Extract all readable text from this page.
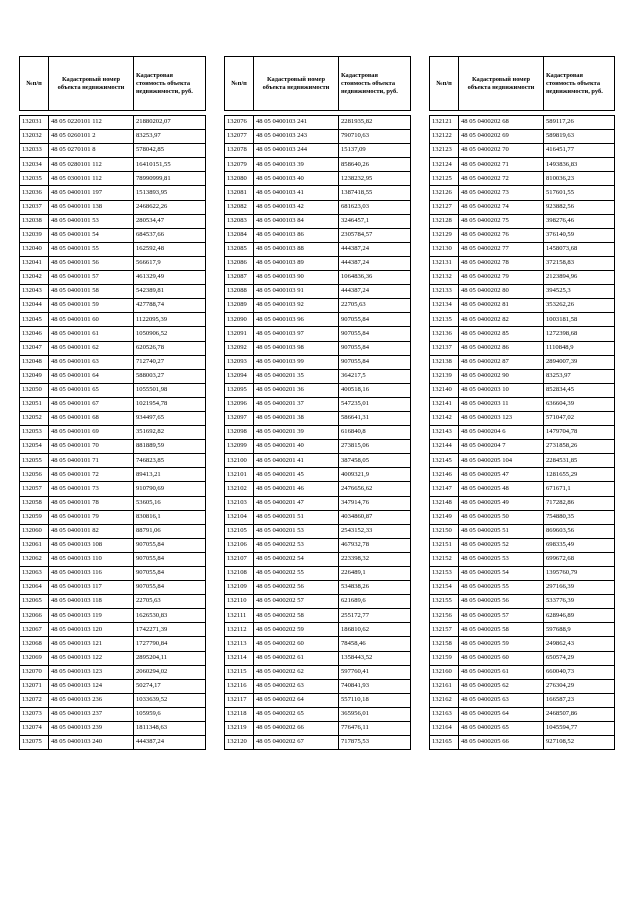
№п/п	Кадастровый номер объекта недвижимости	Кадастровая стоимость объекта недвижимости, руб.

132031	48 05 0220101 112	21880202,07
132032	48 05 0260101 2	83253,97
132033	48 05 0270101 8	578042,85
132034	48 05 0280101 112	16410151,55
132035	48 05 0300101 112	78990999,81
132036	48 05 0400101 197	1513893,95
132037	48 05 0400101 138	2468622,26
132038	48 05 0400101 53	280534,47
132039	48 05 0400101 54	684537,66
132040	48 05 0400101 55	162592,48
132041	48 05 0400101 56	566617,9
132042	48 05 0400101 57	461329,49
132043	48 05 0400101 58	542389,81
132044	48 05 0400101 59	427788,74
132045	48 05 0400101 60	1122095,39
132046	48 05 0400101 61	1050906,52
132047	48 05 0400101 62	620526,78
132048	48 05 0400101 63	712740,27
132049	48 05 0400101 64	588003,27
132050	48 05 0400101 65	1055501,98
132051	48 05 0400101 67	1021954,78
132052	48 05 0400101 68	934497,65
132053	48 05 0400101 69	351692,82
132054	48 05 0400101 70	881889,59
132055	48 05 0400101 71	746823,85
132056	48 05 0400101 72	89413,21
132057	48 05 0400101 73	910790,69
132058	48 05 0400101 78	53605,16
132059	48 05 0400101 79	830816,1
132060	48 05 0400101 82	88791,06
132061	48 05 0400103 108	907055,84
132062	48 05 0400103 110	907055,84
132063	48 05 0400103 116	907055,84
132064	48 05 0400103 117	907055,84
132065	48 05 0400103 118	22705,63
132066	48 05 0400103 119	1626530,83
132067	48 05 0400103 120	1742271,39
132068	48 05 0400103 121	1727790,84
132069	48 05 0400103 122	2895204,11
132070	48 05 0400103 123	2060294,02
132071	48 05 0400103 124	50274,17
132072	48 05 0400103 236	1033639,52
132073	48 05 0400103 237	105959,6
132074	48 05 0400103 239	1811348,63
132075	48 05 0400103 240	444387,24
№п/п	Кадастровый номер объекта недвижимости	Кадастровая стоимость объекта недвижимости, руб.

132076	48 05 0400103 241	2281935,82
132077	48 05 0400103 243	790710,63
132078	48 05 0400103 244	15137,09
132079	48 05 0400103 39	858640,26
132080	48 05 0400103 40	1238232,95
132081	48 05 0400103 41	1387418,55
132082	48 05 0400103 42	681623,03
132083	48 05 0400103 84	3246457,1
132084	48 05 0400103 86	2305784,57
132085	48 05 0400103 88	444387,24
132086	48 05 0400103 89	444387,24
132087	48 05 0400103 90	1064836,36
132088	48 05 0400103 91	444387,24
132089	48 05 0400103 92	22705,63
132090	48 05 0400103 96	907055,84
132091	48 05 0400103 97	907055,84
132092	48 05 0400103 98	907055,84
132093	48 05 0400103 99	907055,84
132094	48 05 0400201 35	364217,5
132095	48 05 0400201 36	400518,16
132096	48 05 0400201 37	547235,01
132097	48 05 0400201 38	586641,31
132098	48 05 0400201 39	616840,8
132099	48 05 0400201 40	273815,06
132100	48 05 0400201 41	387458,05
132101	48 05 0400201 45	4009321,9
132102	48 05 0400201 46	2476656,62
132103	48 05 0400201 47	347914,76
132104	48 05 0400201 51	4034860,87
132105	48 05 0400201 53	2543152,33
132106	48 05 0400202 53	467932,78
132107	48 05 0400202 54	223398,32
132108	48 05 0400202 55	226489,1
132109	48 05 0400202 56	534838,26
132110	48 05 0400202 57	621689,6
132111	48 05 0400202 58	255172,77
132112	48 05 0400202 59	186810,62
132113	48 05 0400202 60	78458,46
132114	48 05 0400202 61	1358443,52
132115	48 05 0400202 62	597760,41
132116	48 05 0400202 63	740841,93
132117	48 05 0400202 64	557110,18
132118	48 05 0400202 65	365956,01
132119	48 05 0400202 66	776476,11
132120	48 05 0400202 67	717875,53
№п/п	Кадастровый номер объекта недвижимости	Кадастровая стоимость объекта недвижимости, руб.

132121	48 05 0400202 68	589117,26
132122	48 05 0400202 69	589819,63
132123	48 05 0400202 70	416451,77
132124	48 05 0400202 71	1493836,83
132125	48 05 0400202 72	810036,23
132126	48 05 0400202 73	517601,55
132127	48 05 0400202 74	923882,56
132128	48 05 0400202 75	398276,46
132129	48 05 0400202 76	376140,59
132130	48 05 0400202 77	1458073,68
132131	48 05 0400202 78	372158,83
132132	48 05 0400202 79	2123894,96
132133	48 05 0400202 80	394525,3
132134	48 05 0400202 81	353262,26
132135	48 05 0400202 82	1003181,58
132136	48 05 0400202 85	1272398,68
132137	48 05 0400202 86	1110848,9
132138	48 05 0400202 87	2894007,39
132139	48 05 0400202 90	83253,97
132140	48 05 0400203 10	852834,45
132141	48 05 0400203 11	636604,39
132142	48 05 0400203 123	571047,02
132143	48 05 0400204 6	1479704,78
132144	48 05 0400204 7	2731858,26
132145	48 05 0400205 104	2284531,85
132146	48 05 0400205 47	1281655,29
132147	48 05 0400205 48	671671,1
132148	48 05 0400205 49	717282,86
132149	48 05 0400205 50	754880,35
132150	48 05 0400205 51	869603,56
132151	48 05 0400205 52	698335,49
132152	48 05 0400205 53	699672,68
132153	48 05 0400205 54	1395760,79
132154	48 05 0400205 55	297166,39
132155	48 05 0400205 56	533776,39
132156	48 05 0400205 57	628946,89
132157	48 05 0400205 58	597688,9
132158	48 05 0400205 59	249862,43
132159	48 05 0400205 60	650574,29
132160	48 05 0400205 61	660040,73
132161	48 05 0400205 62	276304,29
132162	48 05 0400205 63	166587,23
132163	48 05 0400205 64	2468507,86
132164	48 05 0400205 65	1045594,77
132165	48 05 0400205 66	927108,52
